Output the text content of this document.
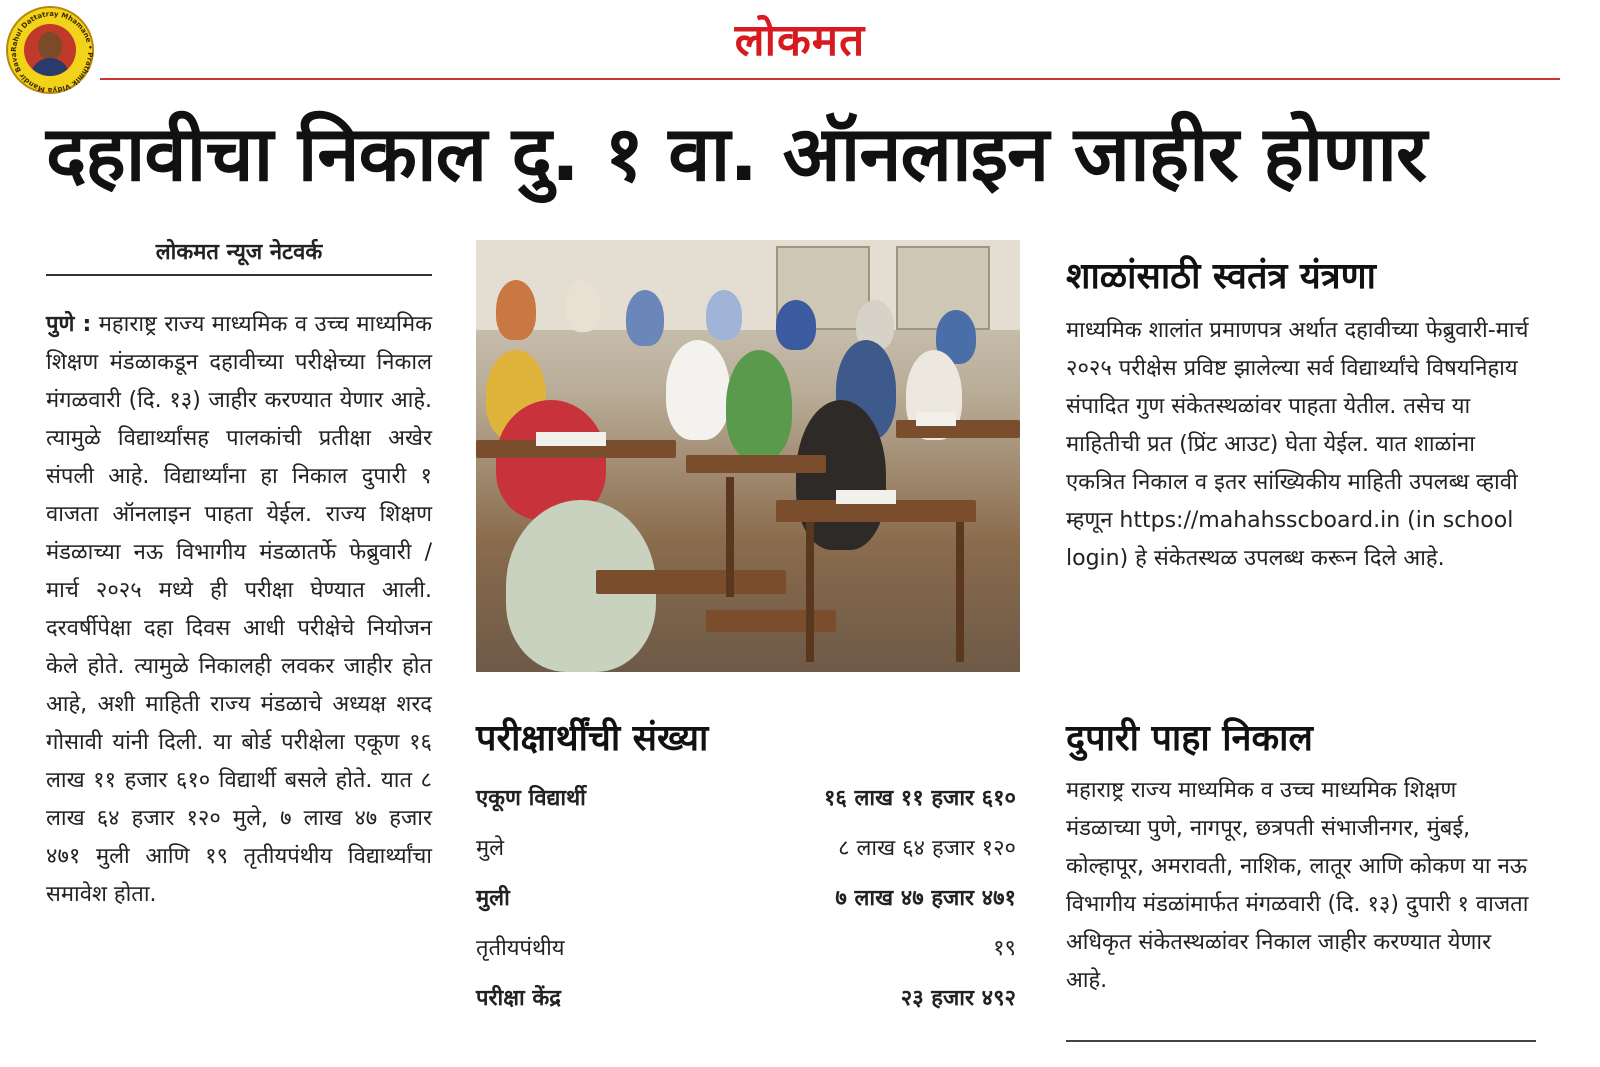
Rahul Dattatray Mhamane • Prathmik Vidya Mandir Bava	लोकमत
दहावीचा निकाल दु. १ वा. ऑनलाइन जाहीर होणार
लोकमत न्यूज नेटवर्क
पुणे : महाराष्ट्र राज्य माध्यमिक व उच्च माध्यमिक शिक्षण मंडळाकडून दहावीच्या परीक्षेच्या निकाल मंगळवारी (दि. १३) जाहीर करण्यात येणार आहे. त्यामुळे विद्यार्थ्यांसह पालकांची प्रतीक्षा अखेर संपली आहे. विद्यार्थ्यांना हा निकाल दुपारी १ वाजता ऑनलाइन पाहता येईल. राज्य शिक्षण मंडळाच्या नऊ विभागीय मंडळातर्फे फेब्रुवारी / मार्च २०२५ मध्ये ही परीक्षा घेण्यात आली. दरवर्षीपेक्षा दहा दिवस आधी परीक्षेचे नियोजन केले होते. त्यामुळे निकालही लवकर जाहीर होत आहे, अशी माहिती राज्य मंडळाचे अध्यक्ष शरद गोसावी यांनी दिली. या बोर्ड परीक्षेला एकूण १६ लाख ११ हजार ६१० विद्यार्थी बसले होते. यात ८ लाख ६४ हजार १२० मुले, ७ लाख ४७ हजार ४७१ मुली आणि १९ तृतीयपंथीय विद्यार्थ्यांचा समावेश होता.
परीक्षार्थींची संख्या
एकूण विद्यार्थी	१६ लाख ११ हजार ६१०
मुले	८ लाख ६४ हजार १२०
मुली	७ लाख ४७ हजार ४७१
तृतीयपंथीय	१९
परीक्षा केंद्र	२३ हजार ४९२
शाळांसाठी स्वतंत्र यंत्रणा
माध्यमिक शालांत प्रमाणपत्र अर्थात दहावीच्या फेब्रुवारी-मार्च २०२५ परीक्षेस प्रविष्ट झालेल्या सर्व विद्यार्थ्यांचे विषयनिहाय संपादित गुण संकेतस्थळांवर पाहता येतील. तसेच या माहितीची प्रत (प्रिंट आउट) घेता येईल. यात शाळांना एकत्रित निकाल व इतर सांख्यिकीय माहिती उपलब्ध व्हावी म्हणून https://mahahsscboard.in (in school login) हे संकेतस्थळ उपलब्ध करून दिले आहे.
दुपारी पाहा निकाल
महाराष्ट्र राज्य माध्यमिक व उच्च माध्यमिक शिक्षण मंडळाच्या पुणे, नागपूर, छत्रपती संभाजीनगर, मुंबई, कोल्हापूर, अमरावती, नाशिक, लातूर आणि कोकण या नऊ विभागीय मंडळांमार्फत मंगळवारी (दि. १३) दुपारी १ वाजता अधिकृत संकेतस्थळांवर निकाल जाहीर करण्यात येणार आहे.
